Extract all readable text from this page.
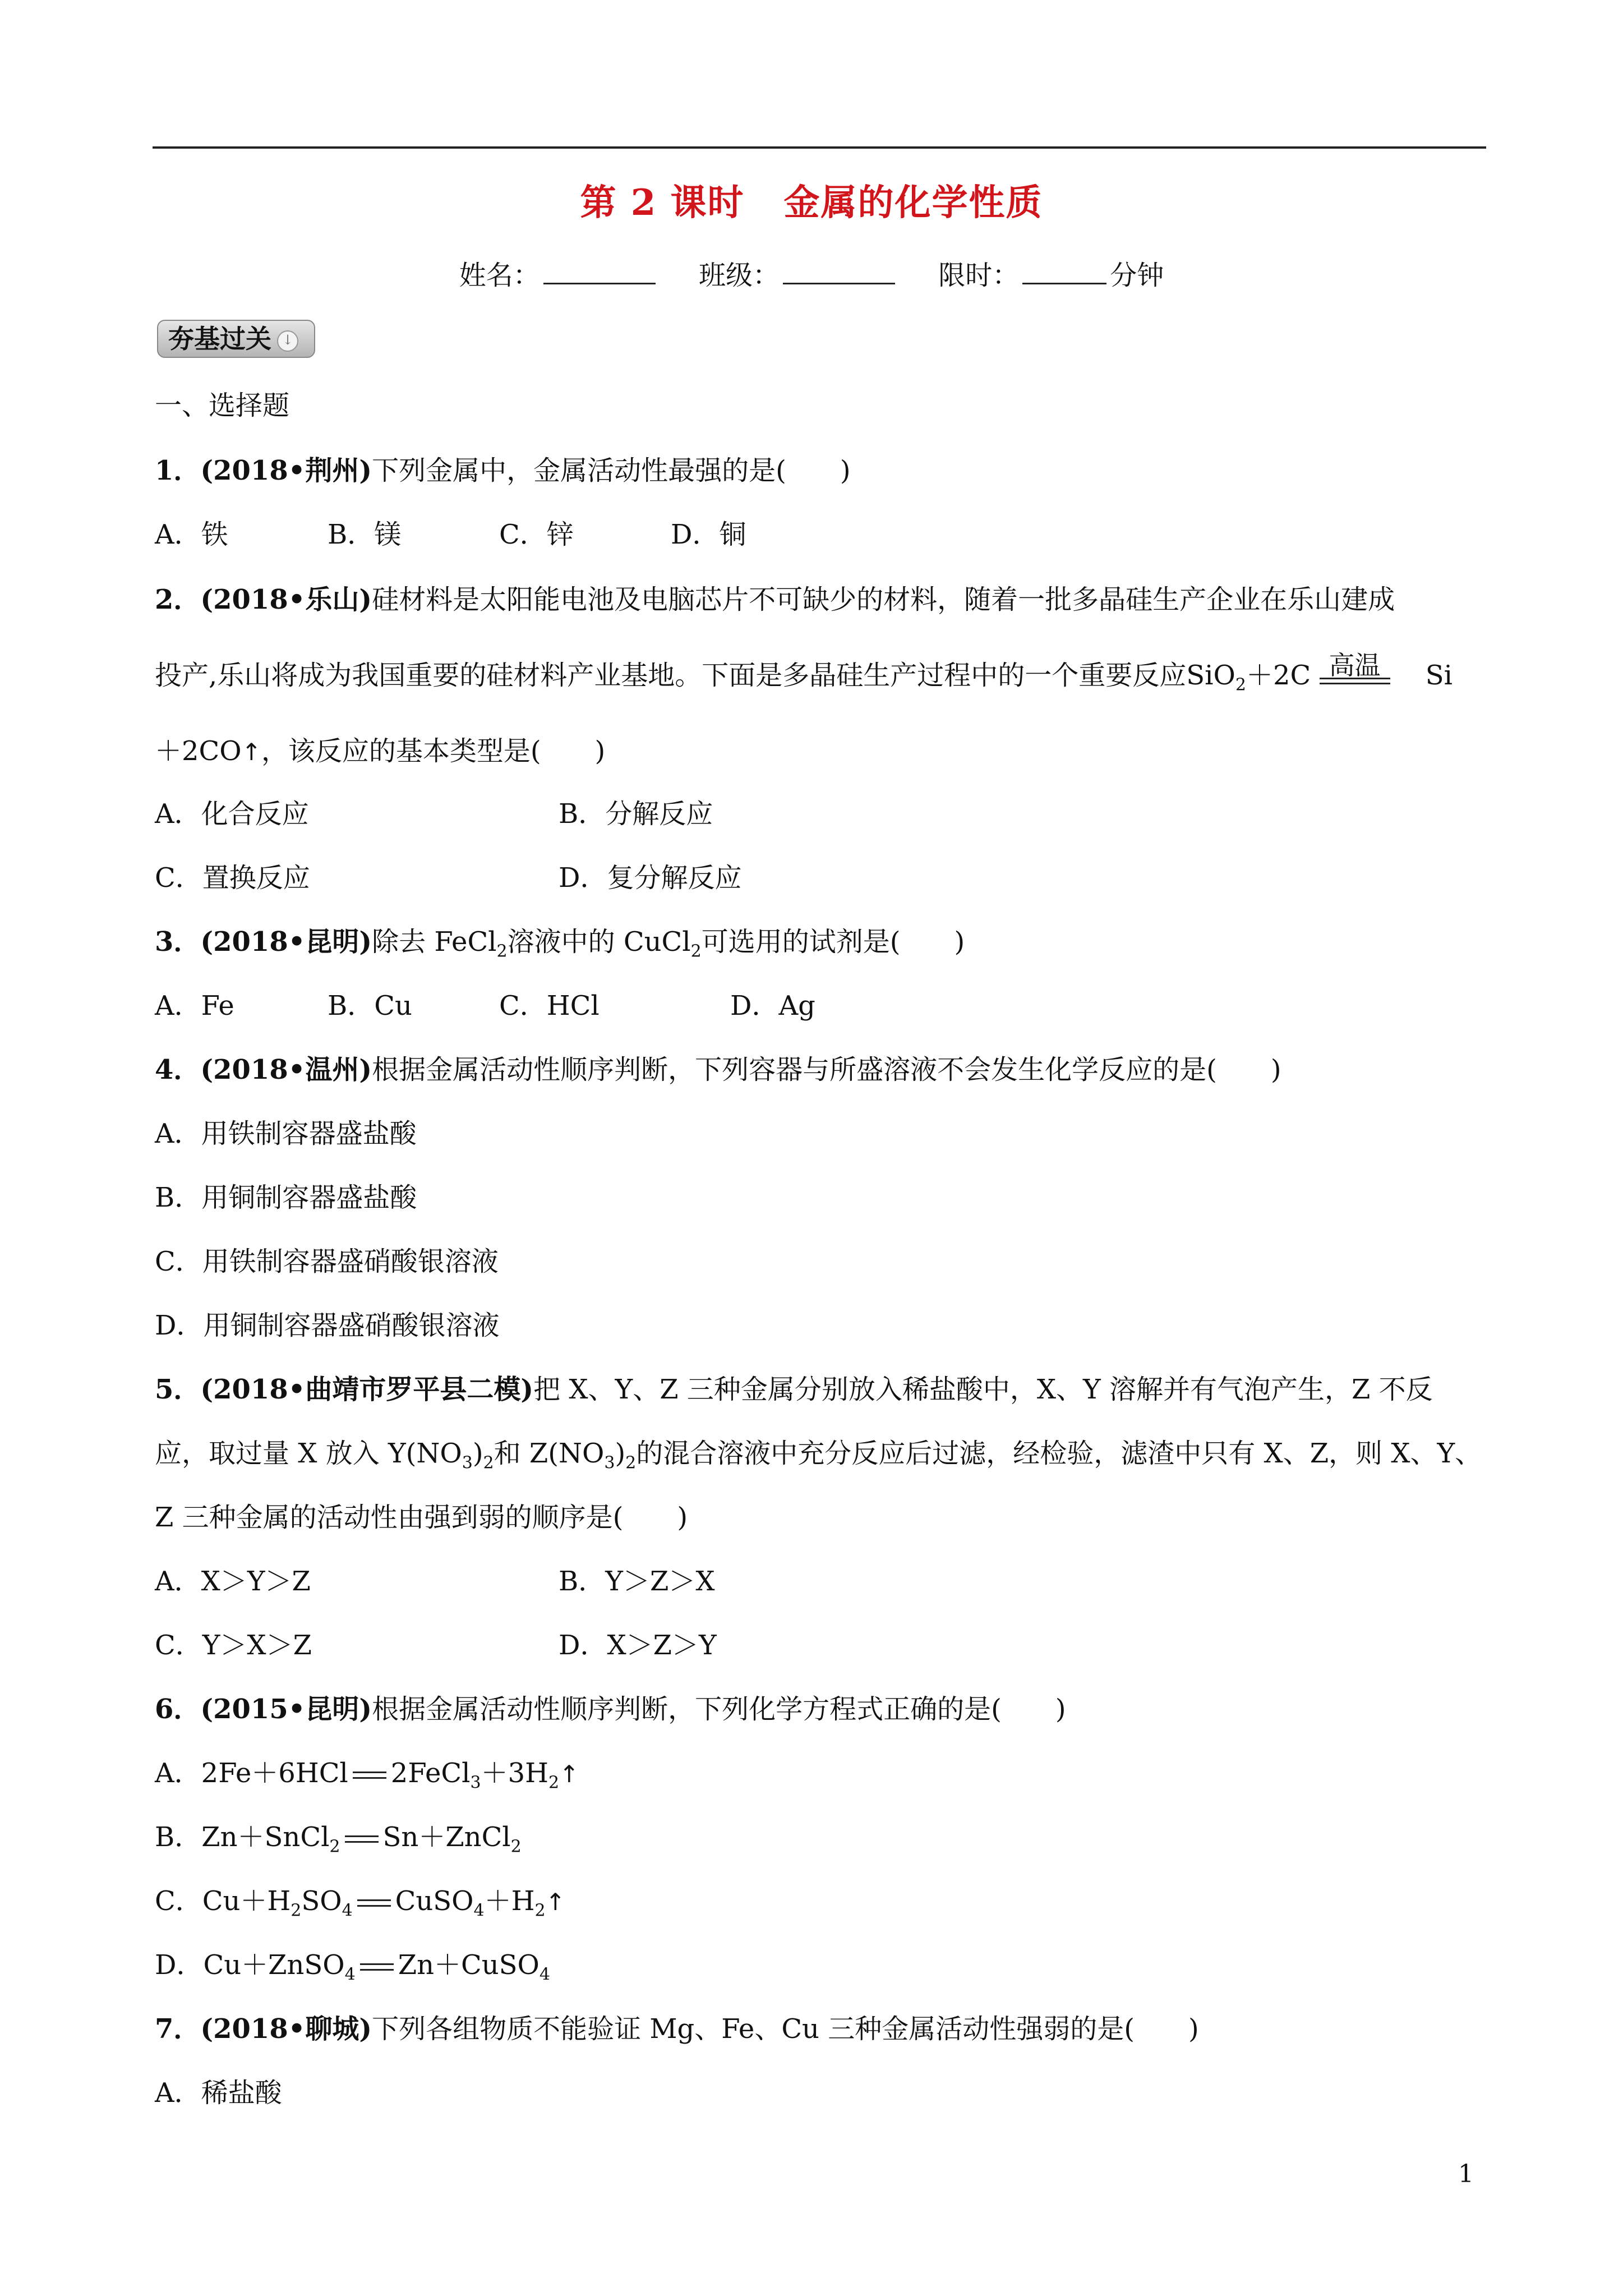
第 2 课时 金属的化学性质
姓名：	班级：	限时：	分钟
夯基过关 ↓
一、选择题
1．(2018•荆州)下列金属中，金属活动性最强的是(　　)
A．铁	B．镁	C．锌	D．铜
2．(2018•乐山)硅材料是太阳能电池及电脑芯片不可缺少的材料，随着一批多晶硅生产企业在乐山建成
投产,乐山将成为我国重要的硅材料产业基地。下面是多晶硅生产过程中的一个重要反应SiO$_2$＋2C 高温	Si
＋2CO↑，该反应的基本类型是(　　)
A．化合反应	B．分解反应
C．置换反应	D．复分解反应
3．(2018•昆明)除去 FeCl$_2$溶液中的 CuCl$_2$可选用的试剂是(　　)
A．Fe	B．Cu	C．HCl	D．Ag
4．(2018•温州)根据金属活动性顺序判断，下列容器与所盛溶液不会发生化学反应的是(　　)
A．用铁制容器盛盐酸
B．用铜制容器盛盐酸
C．用铁制容器盛硝酸银溶液
D．用铜制容器盛硝酸银溶液
5．(2018•曲靖市罗平县二模)把 X、Y、Z 三种金属分别放入稀盐酸中，X、Y 溶解并有气泡产生，Z 不反
应，取过量 X 放入 $Y(NO_3)_2$和 $Z(NO_3)_2$的混合溶液中充分反应后过滤，经检验，滤渣中只有 X、Z，则 X、Y、
Z 三种金属的活动性由强到弱的顺序是(　　)
A．X＞Y＞Z	B．Y＞Z＞X
C．Y＞X＞Z	D．X＞Z＞Y
6．(2015•昆明)根据金属活动性顺序判断，下列化学方程式正确的是(　　)
A．2Fe＋6HCl $2FeCl_3+3H_2↑$
B．Zn＋SnCl$_2$ Sn＋ZnCl$_2$
C．$Cu+H_2SO_4$ $CuSO_4+H_2↑$
D．Cu＋ZnSO$_4$ Zn＋CuSO$_4$
7．(2018•聊城)下列各组物质不能验证 Mg、Fe、Cu 三种金属活动性强弱的是(　　)
A．稀盐酸
1
